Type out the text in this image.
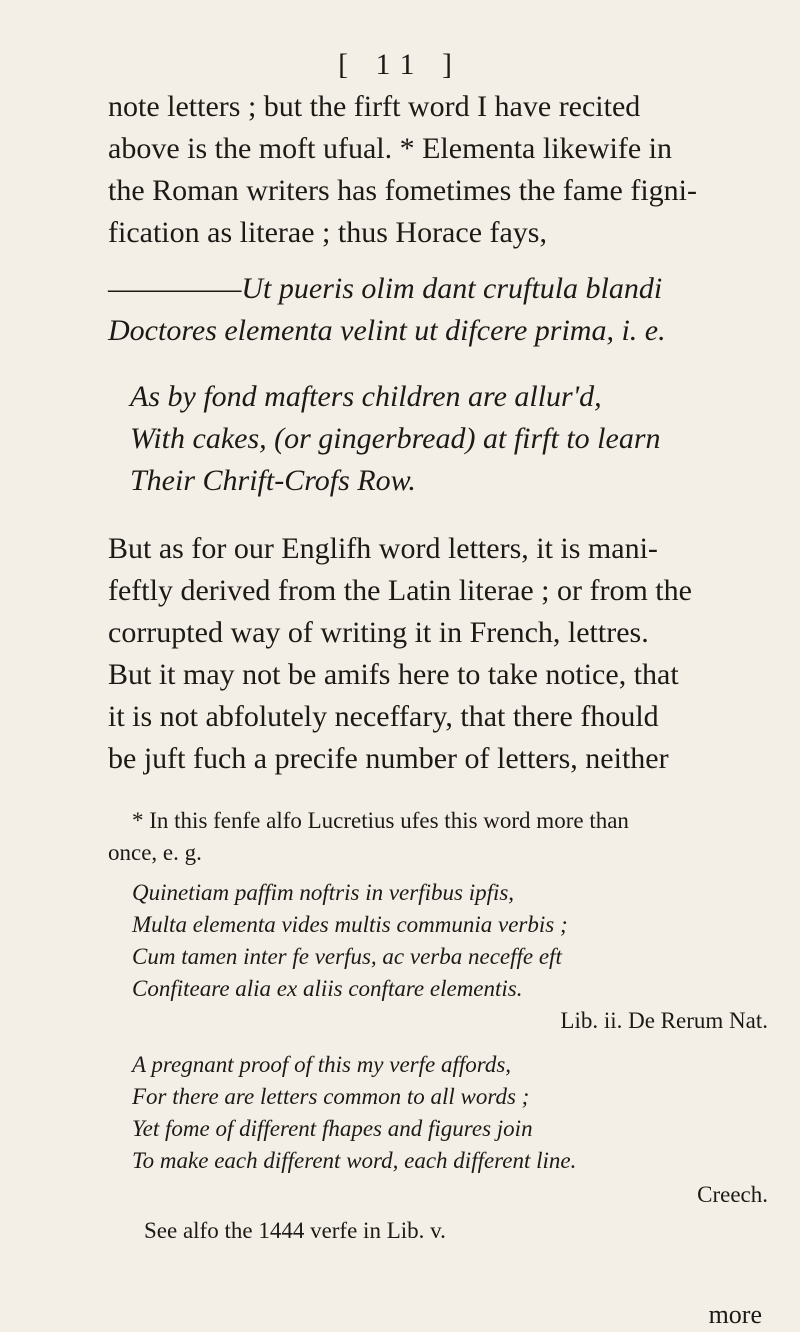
[ 11 ]
note letters ; but the firft word I have recited
above is the moft ufual. * Elementa likewife in
the Roman writers has fometimes the fame figni-
fication as literae ; thus Horace fays,
—————Ut pueris olim dant cruftula blandi
Doctores elementa velint ut difcere prima, i. e.
As by fond mafters children are allur'd,
With cakes, (or gingerbread) at firft to learn
Their Chrift-Crofs Row.
But as for our Englifh word letters, it is mani-
feftly derived from the Latin literae ; or from the
corrupted way of writing it in French, lettres.
But it may not be amifs here to take notice, that
it is not abfolutely neceffary, that there fhould
be juft fuch a precife number of letters, neither
* In this fenfe alfo Lucretius ufes this word more than
once, e. g.
Quinetiam paffim noftris in verfibus ipfis,
Multa elementa vides multis communia verbis ;
Cum tamen inter fe verfus, ac verba neceffe eft
Confiteare alia ex aliis conftare elementis.
Lib. ii. De Rerum Nat.
A pregnant proof of this my verfe affords,
For there are letters common to all words ;
Yet fome of different fhapes and figures join
To make each different word, each different line.
Creech.
See alfo the 1444 verfe in Lib. v.
more
